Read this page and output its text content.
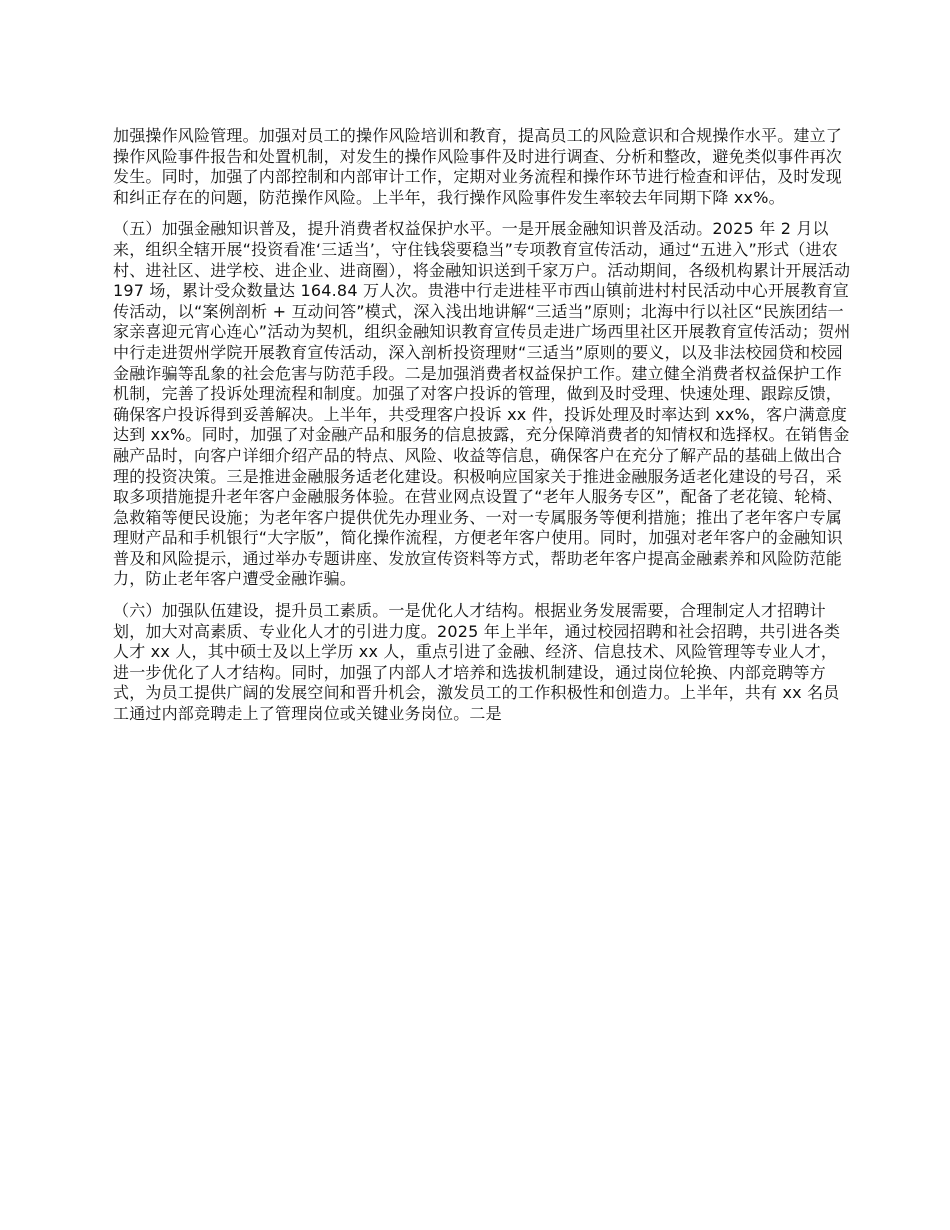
加强操作风险管理。加强对员工的操作风险培训和教育，提高员工的风险意识和合规操作水平。建立了操作风险事件报告和处置机制，对发生的操作风险事件及时进行调查、分析和整改，避免类似事件再次发生。同时，加强了内部控制和内部审计工作，定期对业务流程和操作环节进行检查和评估，及时发现和纠正存在的问题，防范操作风险。上半年，我行操作风险事件发生率较去年同期下降 xx%。

（五）加强金融知识普及，提升消费者权益保护水平。一是开展金融知识普及活动。2025 年 2 月以来，组织全辖开展“投资看准‘三适当’，守住钱袋要稳当”专项教育宣传活动，通过“五进入”形式（进农村、进社区、进学校、进企业、进商圈），将金融知识送到千家万户。活动期间，各级机构累计开展活动 197 场，累计受众数量达 164.84 万人次。贵港中行走进桂平市西山镇前进村村民活动中心开展教育宣传活动，以“案例剖析 + 互动问答”模式，深入浅出地讲解“三适当”原则；北海中行以社区“民族团结一家亲喜迎元宵心连心”活动为契机，组织金融知识教育宣传员走进广场西里社区开展教育宣传活动；贺州中行走进贺州学院开展教育宣传活动，深入剖析投资理财“三适当”原则的要义，以及非法校园贷和校园金融诈骗等乱象的社会危害与防范手段。二是加强消费者权益保护工作。建立健全消费者权益保护工作机制，完善了投诉处理流程和制度。加强了对客户投诉的管理，做到及时受理、快速处理、跟踪反馈，确保客户投诉得到妥善解决。上半年，共受理客户投诉 xx 件，投诉处理及时率达到 xx%，客户满意度达到 xx%。同时，加强了对金融产品和服务的信息披露，充分保障消费者的知情权和选择权。在销售金融产品时，向客户详细介绍产品的特点、风险、收益等信息，确保客户在充分了解产品的基础上做出合理的投资决策。三是推进金融服务适老化建设。积极响应国家关于推进金融服务适老化建设的号召，采取多项措施提升老年客户金融服务体验。在营业网点设置了“老年人服务专区”，配备了老花镜、轮椅、急救箱等便民设施；为老年客户提供优先办理业务、一对一专属服务等便利措施；推出了老年客户专属理财产品和手机银行“大字版”，简化操作流程，方便老年客户使用。同时，加强对老年客户的金融知识普及和风险提示，通过举办专题讲座、发放宣传资料等方式，帮助老年客户提高金融素养和风险防范能力，防止老年客户遭受金融诈骗。

（六）加强队伍建设，提升员工素质。一是优化人才结构。根据业务发展需要，合理制定人才招聘计划，加大对高素质、专业化人才的引进力度。2025 年上半年，通过校园招聘和社会招聘，共引进各类人才 xx 人，其中硕士及以上学历 xx 人，重点引进了金融、经济、信息技术、风险管理等专业人才，进一步优化了人才结构。同时，加强了内部人才培养和选拔机制建设，通过岗位轮换、内部竞聘等方式，为员工提供广阔的发展空间和晋升机会，激发员工的工作积极性和创造力。上半年，共有 xx 名员工通过内部竞聘走上了管理岗位或关键业务岗位。二是
